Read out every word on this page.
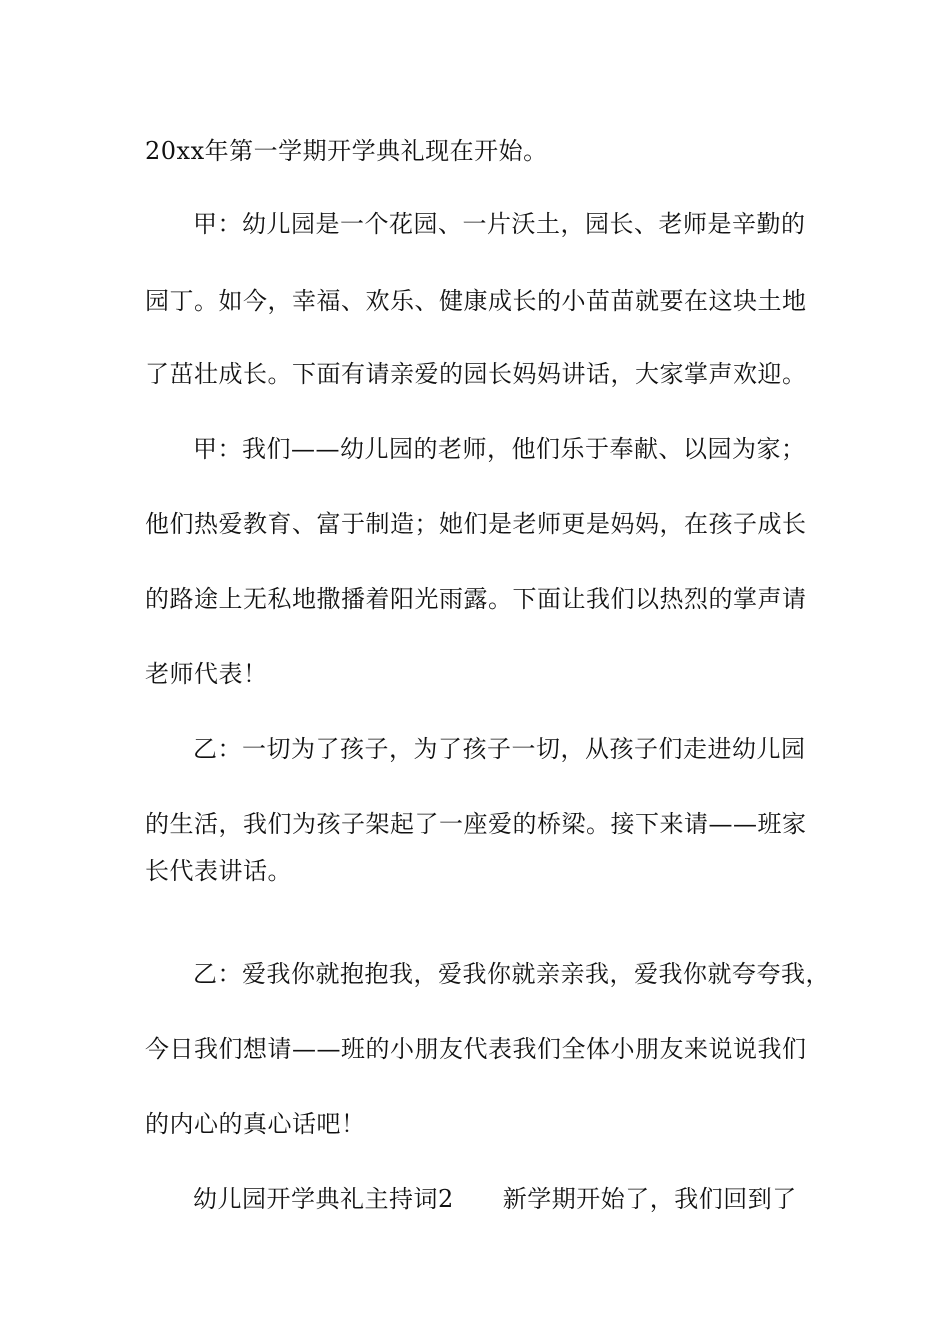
20xx年第一学期开学典礼现在开始。
甲：幼儿园是一个花园、一片沃土，园长、老师是辛勤的
园丁。如今，幸福、欢乐、健康成长的小苗苗就要在这块土地
了茁壮成长。下面有请亲爱的园长妈妈讲话，大家掌声欢迎。
甲：我们——幼儿园的老师，他们乐于奉献、以园为家；
他们热爱教育、富于制造；她们是老师更是妈妈，在孩子成长
的路途上无私地撒播着阳光雨露。下面让我们以热烈的掌声请
老师代表！
乙：一切为了孩子，为了孩子一切，从孩子们走进幼儿园
的生活，我们为孩子架起了一座爱的桥梁。接下来请——班家
长代表讲话。
乙：爱我你就抱抱我，爱我你就亲亲我，爱我你就夸夸我，
今日我们想请——班的小朋友代表我们全体小朋友来说说我们
的内心的真心话吧！
幼儿园开学典礼主持词2　　新学期开始了，我们回到了
